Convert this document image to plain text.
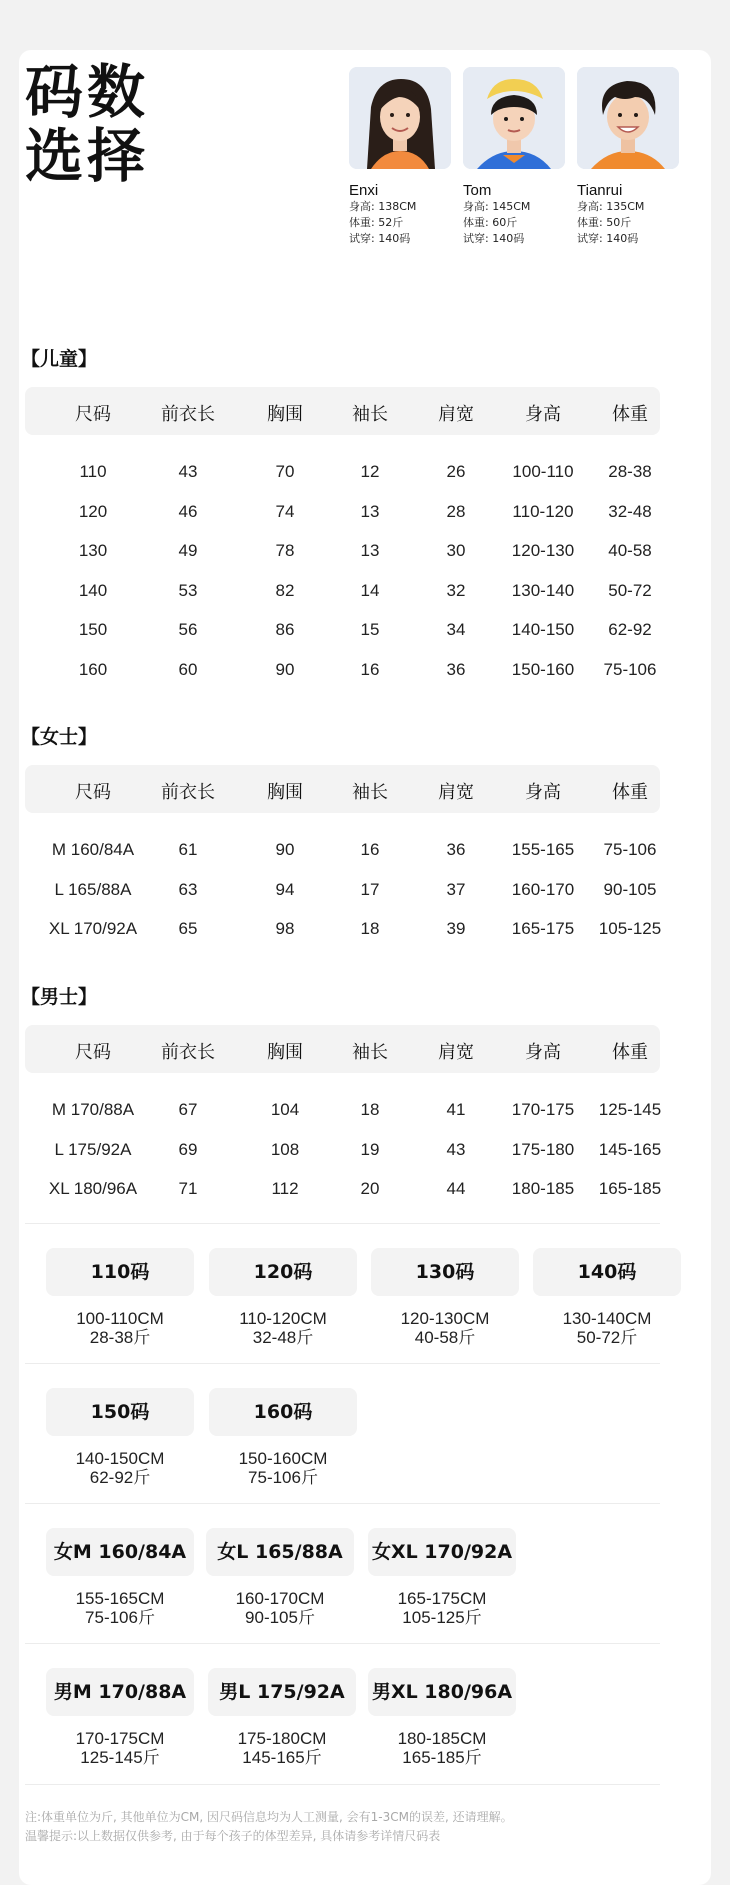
码数
选择
Enxi
身高: 138CM
体重: 52斤
试穿: 140码
Tom
身高: 145CM
体重: 60斤
试穿: 140码
Tianrui
身高: 135CM
体重: 50斤
试穿: 140码
【儿童】
尺码	前衣长	胸围	袖长	肩宽	身高	体重
110	43	70	12	26	100-110 28-38
120	46	74	13	28	110-120 32-48
130	49	78	13	30	120-130 40-58
140	53	82	14	32	130-140 50-72
150	56	86	15	34	140-150 62-92
160	60	90	16	36	150-160 75-106
【女士】
尺码	前衣长	胸围	袖长	肩宽	身高	体重
M 160/84A	61	90	16	36	155-165 75-106
L 165/88A	63	94	17	37	160-170 90-105
XL 170/92A 65	98	18	39	165-175 105-125
【男士】
尺码	前衣长	胸围	袖长	肩宽	身高	体重
M 170/88A	67	104	18	41	170-175 125-145
L 175/92A	69	108	19	43	175-180 145-165
XL 180/96A 71	112	20	44	180-185 165-185
110码
100-110CM
28-38斤
120码
110-120CM
32-48斤
130码
120-130CM
40-58斤
140码
130-140CM
50-72斤
150码
140-150CM
62-92斤
160码
150-160CM
75-106斤
女M 160/84A
155-165CM
75-106斤
女L 165/88A
160-170CM
90-105斤
女XL 170/92A
165-175CM
105-125斤
男M 170/88A
170-175CM
125-145斤
男L 175/92A
175-180CM
145-165斤
男XL 180/96A
180-185CM
165-185斤
注:体重单位为斤, 其他单位为CM, 因尺码信息均为人工测量, 会有1-3CM的误差, 还请理解。
温馨提示:以上数据仅供参考, 由于每个孩子的体型差异, 具体请参考详情尺码表
